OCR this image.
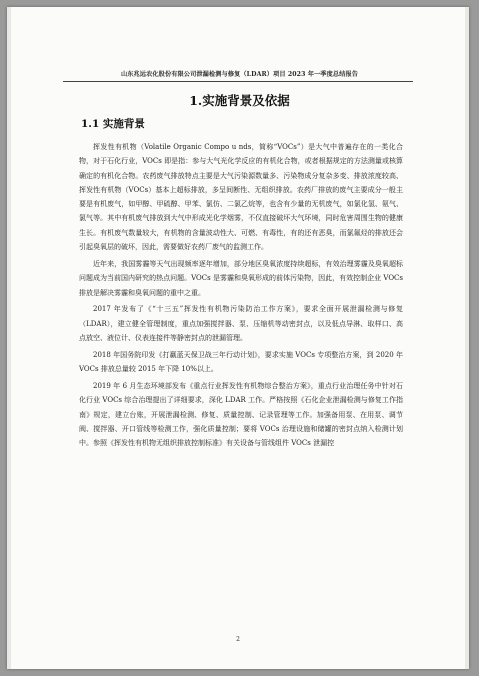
山东兆远农化股份有限公司泄漏检测与修复（LDAR）项目 2023 年一季度总结报告
1.实施背景及依据
1.1 实施背景

挥发性有机物（Volatile Organic Compo u nds，简称“VOCs”）是大气中普遍存在的一类化合物，对于石化行业，VOCs 即是指：参与大气光化学反应的有机化合物，或者根据规定的方法测量或核算确定的有机化合物。农药废气排放特点主要是大气污染源数量多、污染物成分复杂多变、排放浓度较高、挥发性有机物（VOCs）基本上超标排放，多呈间断性、无组织排放。农药厂排放的废气主要成分一般主要是有机废气，如甲醇、甲硫醇、甲苯、氯仿、二氯乙烷等，也含有少量的无机废气，如氯化氢、氨气、氯气等。其中有机废气排放到大气中形成光化学烟雾，不仅直接破坏大气环境，同时危害周围生物的健康生长。有机废气数量较大，有机物的含量波动性大、可燃、有毒性，有的还有恶臭，而氯氟烃的排放还会引起臭氧层的破坏，因此，需要做好农药厂废气的监测工作。

近年来，我国雾霾等天气出现频率逐年增加，部分地区臭氧浓度持续超标，有效治理雾霾及臭氧超标问题成为当前国内研究的热点问题。VOCs 是雾霾和臭氧形成的前体污染物，因此，有效控制企业 VOCs 排放是解决雾霾和臭氧问题的重中之重。

2017 年发布了《“十三五”挥发性有机物污染防治工作方案》，要求全面开展泄漏检测与修复（LDAR），建立健全管理制度，重点加强搅拌器、泵、压缩机等动密封点，以及低点导淋、取样口、高点放空、液位计、仪表连接件等静密封点的泄漏管理。

2018 年国务院印发《打赢蓝天保卫战三年行动计划》，要求实施 VOCs 专项整治方案，到 2020 年 VOCs 排放总量较 2015 年下降 10%以上。

2019 年 6 月生态环境部发布《重点行业挥发性有机物综合整治方案》，重点行业治理任务中针对石化行业 VOCs 综合治理提出了详细要求，深化 LDAR 工作。严格按照《石化企业泄漏检测与修复工作指南》规定，建立台账，开展泄漏检测、修复、质量控制、记录管理等工作。加强备用泵、在用泵、调节阀、搅拌器、开口管线等检测工作，强化质量控制；要将 VOCs 治理设施和储罐的密封点纳入检测计划中。参照《挥发性有机物无组织排放控制标准》有关设备与管线组件 VOCs 泄漏控

2
